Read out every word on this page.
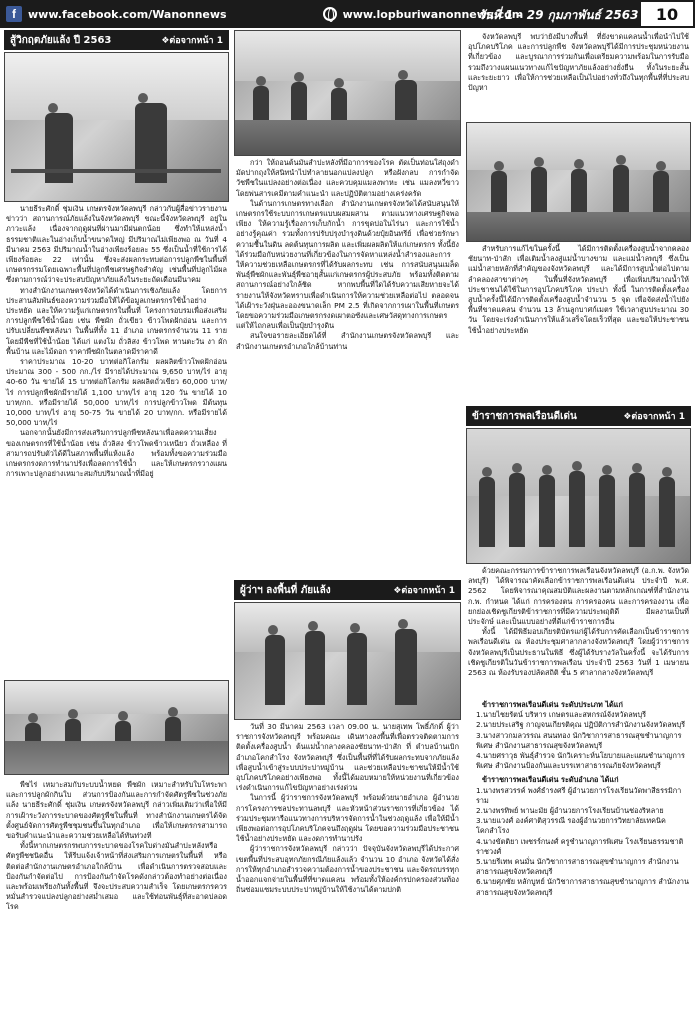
f	www.facebook.com/Wanonnews	www.lopburiwanonnews.com
วันที่ 1 - 29 กุมภาพันธ์ 2563	10
สู้วิกฤตภัยแล้ง ปี 2563	❖ต่อจากหน้า 1

นายธีระศักดิ์ ชุ่มเงิน เกษตรจังหวัดลพบุรี กล่าวกับผู้สื่อข่าวรายงานข่าวว่า สถานการณ์ภัยแล้งในจังหวัดลพบุรี ขณะนี้จังหวัดลพบุรี อยู่ในภาวะแล้ง เนื่องจากฤดูฝนที่ผ่านมามีฝนตกน้อย ซึ่งทำให้แหล่งน้ำธรรมชาติและในอ่างเก็บน้ำขนาดใหญ่ มีปริมาณไม่เพียงพอ ณ วันที่ 4 มีนาคม 2563 มีปริมาณน้ำในอ่างเพียงร้อยละ 55 ซึ่งเป็นน้ำที่ใช้การได้เพียงร้อยละ 22 เท่านั้น ซึ่งจะส่งผลกระทบต่อการปลูกพืชในพื้นที่เกษตรกรรมโดยเฉพาะพื้นที่ปลูกพืชเศรษฐกิจสำคัญ เช่นพื้นที่ปลูกไม้ผล ซึ่งตามการณ์ว่าจะประสบปัญหาภัยแล้งในระยะถัดเดือนมีนาคม

ทางสำนักงานเกษตรจังหวัดได้ดำเนินการเชิงภัยแล้ง โดยการประสานสัมพันธ์ของความร่วมมือให้ได้ข้อมูลเกษตรกรใช้น้ำอย่างประหยัด และให้ความรู้แก่เกษตรกรในพื้นที่ โครงการอบรมเพื่อส่งเสริมการปลูกพืชใช้น้ำน้อย เช่น พืชผัก ถั่วเขียว ข้าวโพดฝักอ่อน และการปรับเปลี่ยนพืชหลังนา ในพื้นที่ทั้ง 11 อำเภอ เกษตรกรจำนวน 11 ราย โดยมีพืชที่ใช้น้ำน้อย ได้แก่ แตงโม ถั่วลิสง ข้าวโพด ทานตะวัน งา ผักพื้นบ้าน และไม้ดอก ราคาพืชผักในตลาดมีราคาดี

ราคาประมาณ 10-20 บาทต่อกิโลกรัม ผลผลิตข้าวโพดฝักอ่อนประมาณ 300 - 500 กก./ไร่ มีรายได้ประมาณ 9,650 บาท/ไร่ อายุ 40-60 วัน ขายได้ 15 บาทต่อกิโลกรัม ผลผลิตถั่วเขียว 60,000 บาท/ไร่ การปลูกพืชผักมีรายได้ 1,100 บาท/ไร่ อายุ 120 วัน ขายได้ 10 บาท/กก. หรือมีรายได้ 50,000 บาท/ไร่ การปลูกข้าวโพด มีต้นทุน 10,000 บาท/ไร่ อายุ 50-75 วัน ขายได้ 20 บาท/กก. หรือมีรายได้ 50,000 บาท/ไร่

นอกจากนั้นยังมีการส่งเสริมการปลูกพืชหลังนาเพื่อลดความเสี่ยงของเกษตรกรที่ใช้น้ำน้อย เช่น ถั่วลิสง ข้าวโพดข้าวเหนียว ถั่วเหลือง ที่สามารถปรับตัวได้ดีในสภาพพื้นที่แห้งแล้ง พร้อมทั้งขอความร่วมมือเกษตรกรงดการทำนาปรังเพื่อลดการใช้น้ำ และให้เกษตรกรวางแผนการเพาะปลูกอย่างเหมาะสมกับปริมาณน้ำที่มีอยู่

พืชไร่ เหมาะสมกับระบบน้ำหยด พืชผัก เหมาะสำหรับใบโหระพาและการปลูกผักกินใบ ส่วนการป้องกันและการกำจัดศัตรูพืชในช่วงภัยแล้ง นายธีระศักดิ์ ชุ่มเงิน เกษตรจังหวัดลพบุรี กล่าวเพิ่มเติมว่าเพื่อให้มีการเฝ้าระวังการระบาดของศัตรูพืชในพื้นที่ ทางสำนักงานเกษตรได้จัดตั้งศูนย์จัดการศัตรูพืชชุมชนขึ้นในทุกอำเภอ เพื่อให้เกษตรกรสามารถขอรับคำแนะนำและความช่วยเหลือได้ทันท่วงที

ทั้งนี้หากเกษตรกรพบการระบาดของโรคใบด่างมันสำปะหลังหรือศัตรูพืชชนิดอื่น ให้รีบแจ้งเจ้าหน้าที่ส่งเสริมการเกษตรในพื้นที่ หรือติดต่อสำนักงานเกษตรอำเภอใกล้บ้าน เพื่อดำเนินการตรวจสอบและป้องกันกำจัดต่อไป การป้องกันกำจัดโรคดังกล่าวต้องทำอย่างต่อเนื่องและพร้อมเพรียงกันทั้งพื้นที่ จึงจะประสบความสำเร็จ โดยเกษตรกรควรหมั่นสำรวจแปลงปลูกอย่างสม่ำเสมอ และใช้ท่อนพันธุ์ที่สะอาดปลอดโรค

กว่า ให้ถอนต้นมันสำปะหลังที่มีอาการของโรค ตัดเป็นท่อนใส่ถุงดำมัดปากถุงให้สนิทนำไปทำลายนอกแปลงปลูก หรือฝังกลบ การกำจัดวัชพืชในแปลงอย่างต่อเนื่อง และควบคุมแมลงพาหะ เช่น แมลงหวี่ขาว โดยพ่นสารเคมีตามคำแนะนำ และปฏิบัติตามอย่างเคร่งครัด

ในด้านการเกษตรทางเลือก สำนักงานเกษตรจังหวัดได้สนับสนุนให้เกษตรกรใช้ระบบการเกษตรแบบผสมผสาน ตามแนวทางเศรษฐกิจพอเพียง ให้ความรู้เรื่องการเก็บกักน้ำ การขุดบ่อในไร่นา และการใช้น้ำอย่างรู้คุณค่า รวมทั้งการปรับปรุงบำรุงดินด้วยปุ๋ยอินทรีย์ เพื่อช่วยรักษาความชื้นในดิน ลดต้นทุนการผลิต และเพิ่มผลผลิตให้แก่เกษตรกร ทั้งนี้ยังได้ร่วมมือกับหน่วยงานที่เกี่ยวข้องในการจัดหาแหล่งน้ำสำรองและการให้ความช่วยเหลือเกษตรกรที่ได้รับผลกระทบ เช่น การสนับสนุนเมล็ดพันธุ์พืชผักและพันธุ์พืชอายุสั้นแก่เกษตรกรผู้ประสบภัย พร้อมทั้งติดตามสถานการณ์อย่างใกล้ชิด หากพบพื้นที่ใดได้รับความเสียหายจะได้รายงานให้จังหวัดทราบเพื่อดำเนินการให้ความช่วยเหลือต่อไป ตลอดจนได้เฝ้าระวังฝุ่นละอองขนาดเล็ก PM 2.5 ที่เกิดจากการเผาในพื้นที่เกษตร โดยขอความร่วมมือเกษตรกรงดเผาตอซังและเศษวัสดุทางการเกษตร แต่ให้ไถกลบเพื่อเป็นปุ๋ยบำรุงดิน

สนใจขอรายละเอียดได้ที่ สำนักงานเกษตรจังหวัดลพบุรี และสำนักงานเกษตรอำเภอใกล้บ้านท่าน

ผู้ว่าฯ ลงพื้นที่ ภัยแล้ง	❖ต่อจากหน้า 1

วันที่ 30 มีนาคม 2563 เวลา 09.00 น. นายสุเทพ โพธิ์ภักดิ์ ผู้ว่าราชการจังหวัดลพบุรี พร้อมคณะ เดินทางลงพื้นที่เพื่อตรวจติดตามการติดตั้งเครื่องสูบน้ำ ต้นแม่น้ำกลางคลองชัยนาท-ป่าสัก ที่ ตำบลบ้านเบิก อำเภอโคกสำโรง จังหวัดลพบุรี ซึ่งเป็นพื้นที่ที่ได้รับผลกระทบจากภัยแล้ง เพื่อสูบน้ำเข้าสู่ระบบประปาหมู่บ้าน และช่วยเหลือประชาชนให้มีน้ำใช้อุปโภคบริโภคอย่างเพียงพอ ทั้งนี้ได้มอบหมายให้หน่วยงานที่เกี่ยวข้องเร่งดำเนินการแก้ไขปัญหาอย่างเร่งด่วน

ในการนี้ ผู้ว่าราชการจังหวัดลพบุรี พร้อมด้วยนายอำเภอ ผู้อำนวยการโครงการชลประทานลพบุรี และหัวหน้าส่วนราชการที่เกี่ยวข้อง ได้ร่วมประชุมหารือแนวทางการบริหารจัดการน้ำในช่วงฤดูแล้ง เพื่อให้มีน้ำเพียงพอต่อการอุปโภคบริโภคจนถึงฤดูฝน โดยขอความร่วมมือประชาชนใช้น้ำอย่างประหยัด และงดการทำนาปรัง

ผู้ว่าราชการจังหวัดลพบุรี กล่าวว่า ปัจจุบันจังหวัดลพบุรีได้ประกาศเขตพื้นที่ประสบอุทกภัยกรณีภัยแล้งแล้ว จำนวน 10 อำเภอ จังหวัดได้สั่งการให้ทุกอำเภอสำรวจความต้องการน้ำของประชาชน และจัดรถบรรทุกน้ำออกแจกจ่ายในพื้นที่ที่ขาดแคลน พร้อมทั้งให้องค์กรปกครองส่วนท้องถิ่นซ่อมแซมระบบประปาหมู่บ้านให้ใช้งานได้ตามปกติ

จังหวัดลพบุรี พบว่ายังมีบางพื้นที่ ที่ยังขาดแคลนน้ำเพื่อนำไปใช้อุปโภคบริโภค และการปลูกพืช จังหวัดลพบุรีได้มีการประชุมหน่วยงานที่เกี่ยวข้อง และบูรณาการร่วมกันเพื่อเตรียมความพร้อมในการรับมือ รวมถึงวางแผนแนวทางแก้ไขปัญหาภัยแล้งอย่างยั่งยืน ทั้งในระยะสั้นและระยะยาว เพื่อให้การช่วยเหลือเป็นไปอย่างทั่วถึงในทุกพื้นที่ที่ประสบปัญหา

สำหรับการแก้ไขในครั้งนี้ ได้มีการติดตั้งเครื่องสูบน้ำจากคลองชัยนาท-ป่าสัก เพื่อเติมน้ำลงสู่แม่น้ำบางขาม และแม่น้ำลพบุรี ซึ่งเป็นแม่น้ำสายหลักที่สำคัญของจังหวัดลพบุรี และได้มีการสูบน้ำต่อไปตามลำคลองสาขาต่างๆ ในพื้นที่จังหวัดลพบุรี เพื่อเพิ่มปริมาณน้ำให้ประชาชนได้ใช้ในการอุปโภคบริโภค ประปา ทั้งนี้ ในการติดตั้งเครื่องสูบน้ำครั้งนี้ได้มีการติดตั้งเครื่องสูบน้ำจำนวน 5 จุด เพื่อจัดส่งน้ำไปยังพื้นที่ขาดแคลน จำนวน 13 ล้านลูกบาศก์เมตร ใช้เวลาสูบประมาณ 30 วัน โดยจะเร่งดำเนินการให้แล้วเสร็จโดยเร็วที่สุด และขอให้ประชาชนใช้น้ำอย่างประหยัด

ข้าราชการพลเรือนดีเด่น	❖ต่อจากหน้า 1

ด้วยคณะกรรมการข้าราชการพลเรือนจังหวัดลพบุรี (อ.ก.พ. จังหวัดลพบุรี) ได้พิจารณาคัดเลือกข้าราชการพลเรือนดีเด่น ประจำปี พ.ศ. 2562 โดยพิจารณาคุณสมบัติและผลงานตามหลักเกณฑ์ที่สำนักงาน ก.พ. กำหนด ได้แก่ การครองตน การครองคน และการครองงาน เพื่อยกย่องเชิดชูเกียรติข้าราชการที่มีความประพฤติดี มีผลงานเป็นที่ประจักษ์ และเป็นแบบอย่างที่ดีแก่ข้าราชการอื่น

ทั้งนี้ ได้มีพิธีมอบเกียรติบัตรแก่ผู้ได้รับการคัดเลือกเป็นข้าราชการพลเรือนดีเด่น ณ ห้องประชุมศาลากลางจังหวัดลพบุรี โดยผู้ว่าราชการจังหวัดลพบุรีเป็นประธานในพิธี ซึ่งผู้ได้รับรางวัลในครั้งนี้ จะได้รับการเชิดชูเกียรติในวันข้าราชการพลเรือน ประจำปี 2563 วันที่ 1 เมษายน 2563 ณ ห้องรับรองปลัดสถิติ ชั้น 5 ศาลากลางจังหวัดลพบุรี

ข้าราชการพลเรือนดีเด่น ระดับประเภท ได้แก่
1.นายไชยรัตน์ บริหาร เกษตรและสหกรณ์จังหวัดลพบุรี
2.นายประเสริฐ กาญจนเกียรติคุณ ปฏิบัติการสำนักงานจังหวัดลพบุรี
3.นางสาวกมลวรรณ สนนทอง นักวิชาการสาธารณสุขชำนาญการพิเศษ สำนักงานสาธารณสุขจังหวัดลพบุรี
4.นายศราวุธ พันธุ์สำรวจ นักวิเคราะห์นโยบายและแผนชำนาญการพิเศษ สำนักงานป้องกันและบรรเทาสาธารณภัยจังหวัดลพบุรี
ข้าราชการพลเรือนดีเด่น ระดับอำเภอ ได้แก่
1.นางพรสวรรค์ พงศ์ธำรงศรี ผู้อำนวยการโรงเรียนวัดพาสีธรรมิการาม
2.นางพรทิพย์ พานะมัย ผู้อำนวยการโรงเรียนบ้านช่องริหลาย
3.นายแวงศ์ องค์ศาติสุวรรณี รองผู้อำนวยการวิทยาลัยเทคนิคโคกสำโรง
4.นางขัตติยา เพชรร์กนงศ์ ครูชำนาญการพิเศษ โรงเรียนธรรมชาติราชวงศ์
5.นายรีเทพ คนมั่น นักวิชาการสาธารณสุขชำนาญการ สำนักงานสาธารณสุขจังหวัดลพบุรี
6.นายศุภชัย หลักบูทย์ นักวิชาการสาธารณสุขชำนาญการ สำนักงานสาธารณสุขจังหวัดลพบุรี
